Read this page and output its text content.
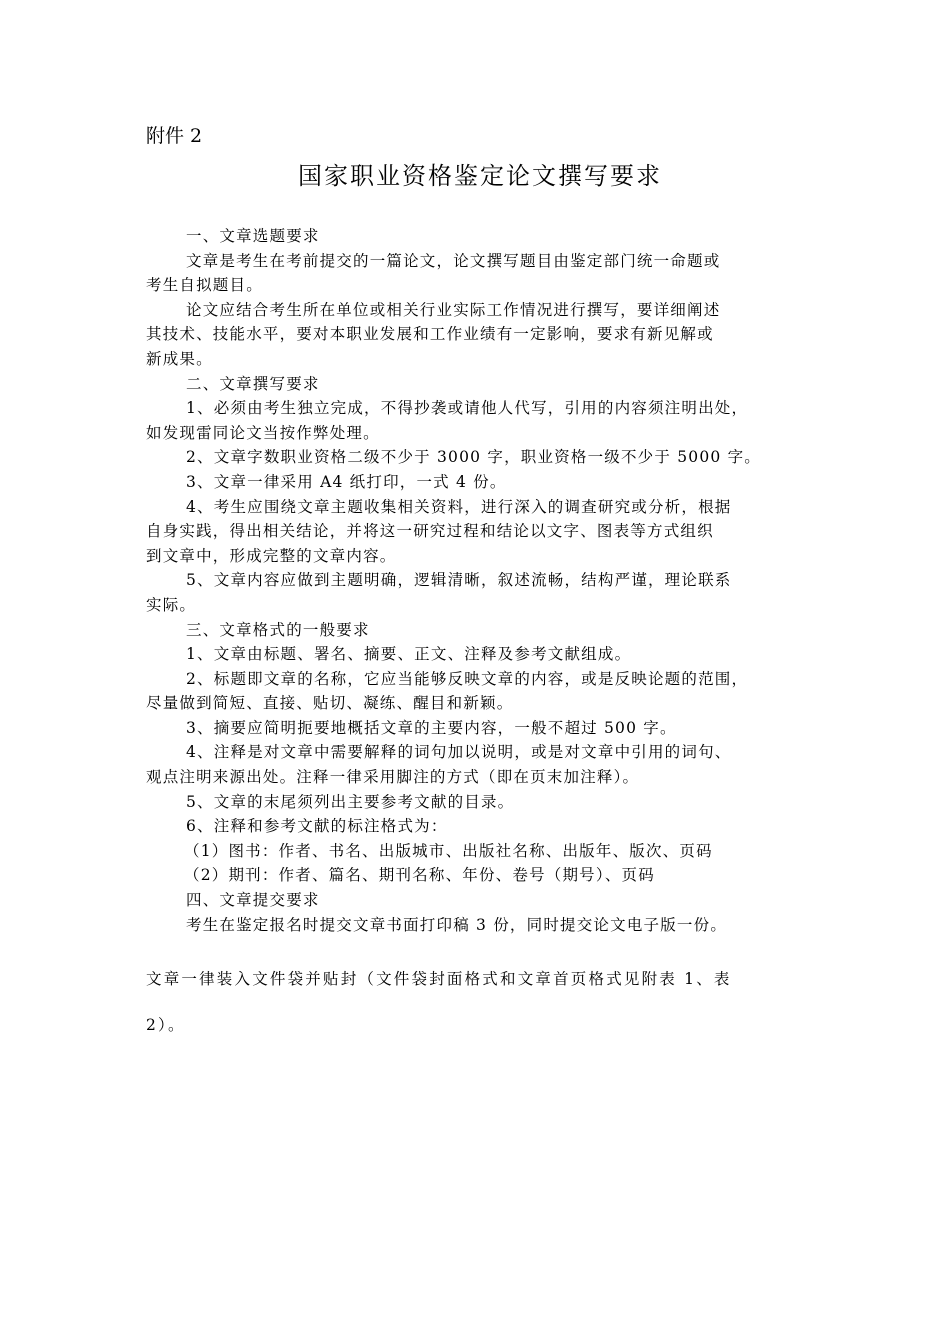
附件 2
国家职业资格鉴定论文撰写要求
一、文章选题要求
文章是考生在考前提交的一篇论文，论文撰写题目由鉴定部门统一命题或
考生自拟题目。
论文应结合考生所在单位或相关行业实际工作情况进行撰写，要详细阐述
其技术、技能水平，要对本职业发展和工作业绩有一定影响，要求有新见解或
新成果。
二、文章撰写要求
1、必须由考生独立完成，不得抄袭或请他人代写，引用的内容须注明出处，
如发现雷同论文当按作弊处理。
2、文章字数职业资格二级不少于 3000 字，职业资格一级不少于 5000 字。
3、文章一律采用 A4 纸打印，一式 4 份。
4、考生应围绕文章主题收集相关资料，进行深入的调查研究或分析，根据
自身实践，得出相关结论，并将这一研究过程和结论以文字、图表等方式组织
到文章中，形成完整的文章内容。
5、文章内容应做到主题明确，逻辑清晰，叙述流畅，结构严谨，理论联系
实际。
三、文章格式的一般要求
1、文章由标题、署名、摘要、正文、注释及参考文献组成。
2、标题即文章的名称，它应当能够反映文章的内容，或是反映论题的范围，
尽量做到简短、直接、贴切、凝练、醒目和新颖。
3、摘要应简明扼要地概括文章的主要内容，一般不超过 500 字。
4、注释是对文章中需要解释的词句加以说明，或是对文章中引用的词句、
观点注明来源出处。注释一律采用脚注的方式（即在页末加注释）。
5、文章的末尾须列出主要参考文献的目录。
6、注释和参考文献的标注格式为：
（1）图书：作者、书名、出版城市、出版社名称、出版年、版次、页码
（2）期刊：作者、篇名、期刊名称、年份、卷号（期号）、页码
四、文章提交要求
考生在鉴定报名时提交文章书面打印稿 3 份，同时提交论文电子版一份。
文章一律装入文件袋并贴封（文件袋封面格式和文章首页格式见附表 1、表
2）。
